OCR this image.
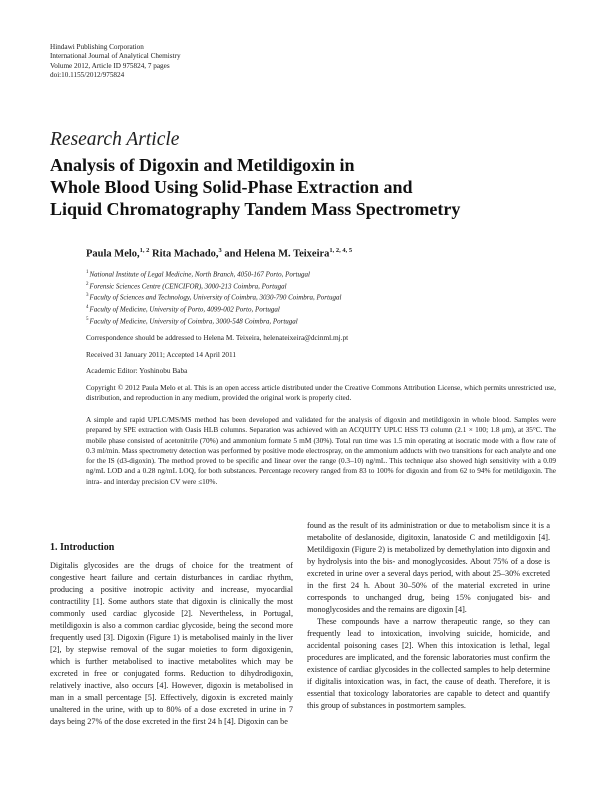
Hindawi Publishing Corporation
International Journal of Analytical Chemistry
Volume 2012, Article ID 975824, 7 pages
doi:10.1155/2012/975824
Research Article
Analysis of Digoxin and Metildigoxin in
Whole Blood Using Solid-Phase Extraction and
Liquid Chromatography Tandem Mass Spectrometry
Paula Melo,$^{1, 2}$ Rita Machado,$^3$ and Helena M. Teixeira$^{1, 2, 4, 5}$
$^1$National Institute of Legal Medicine, North Branch, 4050-167 Porto, Portugal
$^2$Forensic Sciences Centre (CENCIFOR), 3000-213 Coimbra, Portugal
$^3$Faculty of Sciences and Technology, University of Coimbra, 3030-790 Coimbra, Portugal
$^4$Faculty of Medicine, University of Porto, 4099-002 Porto, Portugal
$^5$Faculty of Medicine, University of Coimbra, 3000-548 Coimbra, Portugal
Correspondence should be addressed to Helena M. Teixeira, helenateixeira@dcinml.mj.pt
Received 31 January 2011; Accepted 14 April 2011
Academic Editor: Yoshinobu Baba
Copyright © 2012 Paula Melo et al. This is an open access article distributed under the Creative Commons Attribution License, which permits unrestricted use, distribution, and reproduction in any medium, provided the original work is properly cited.
A simple and rapid UPLC/MS/MS method has been developed and validated for the analysis of digoxin and metildigoxin in whole blood. Samples were prepared by SPE extraction with Oasis HLB columns. Separation was achieved with an ACQUITY UPLC HSS T3 column (2.1 × 100; 1.8 μm), at 35°C. The mobile phase consisted of acetonitrile (70%) and ammonium formate 5 mM (30%). Total run time was 1.5 min operating at isocratic mode with a flow rate of 0.3 ml/min. Mass spectrometry detection was performed by positive mode electrospray, on the ammonium adducts with two transitions for each analyte and one for the IS (d3-digoxin). The method proved to be specific and linear over the range (0.3–10) ng/mL. This technique also showed high sensitivity with a 0.09 ng/mL LOD and a 0.28 ng/mL LOQ, for both substances. Percentage recovery ranged from 83 to 100% for digoxin and from 62 to 94% for metildigoxin. The intra- and interday precision CV were ≤10%.
1. Introduction

Digitalis glycosides are the drugs of choice for the treatment of congestive heart failure and certain disturbances in cardiac rhythm, producing a positive inotropic activity and increase, myocardial contractility [1]. Some authors state that digoxin is clinically the most commonly used cardiac glycoside [2]. Nevertheless, in Portugal, metildigoxin is also a common cardiac glycoside, being the second more frequently used [3]. Digoxin (Figure 1) is metabolised mainly in the liver [2], by stepwise removal of the sugar moieties to form digoxigenin, which is further metabolised to inactive metabolites which may be excreted in free or conjugated forms. Reduction to dihydrodigoxin, relatively inactive, also occurs [4]. However, digoxin is metabolised in man in a small percentage [5]. Effectively, digoxin is excreted mainly unaltered in the urine, with up to 80% of a dose excreted in urine in 7 days being 27% of the dose excreted in the first 24 h [4]. Digoxin can be

found as the result of its administration or due to metabolism since it is a metabolite of deslanoside, digitoxin, lanatoside C and metildigoxin [4]. Metildigoxin (Figure 2) is metabolized by demethylation into digoxin and by hydrolysis into the bis- and monoglycosides. About 75% of a dose is excreted in urine over a several days period, with about 25–30% excreted in the first 24 h. About 30–50% of the material excreted in urine corresponds to unchanged drug, being 15% conjugated bis- and monoglycosides and the remains are digoxin [4].

These compounds have a narrow therapeutic range, so they can frequently lead to intoxication, involving suicide, homicide, and accidental poisoning cases [2]. When this intoxication is lethal, legal procedures are implicated, and the forensic laboratories must confirm the existence of cardiac glycosides in the collected samples to help determine if digitalis intoxication was, in fact, the cause of death. Therefore, it is essential that toxicology laboratories are capable to detect and quantify this group of substances in postmortem samples.
